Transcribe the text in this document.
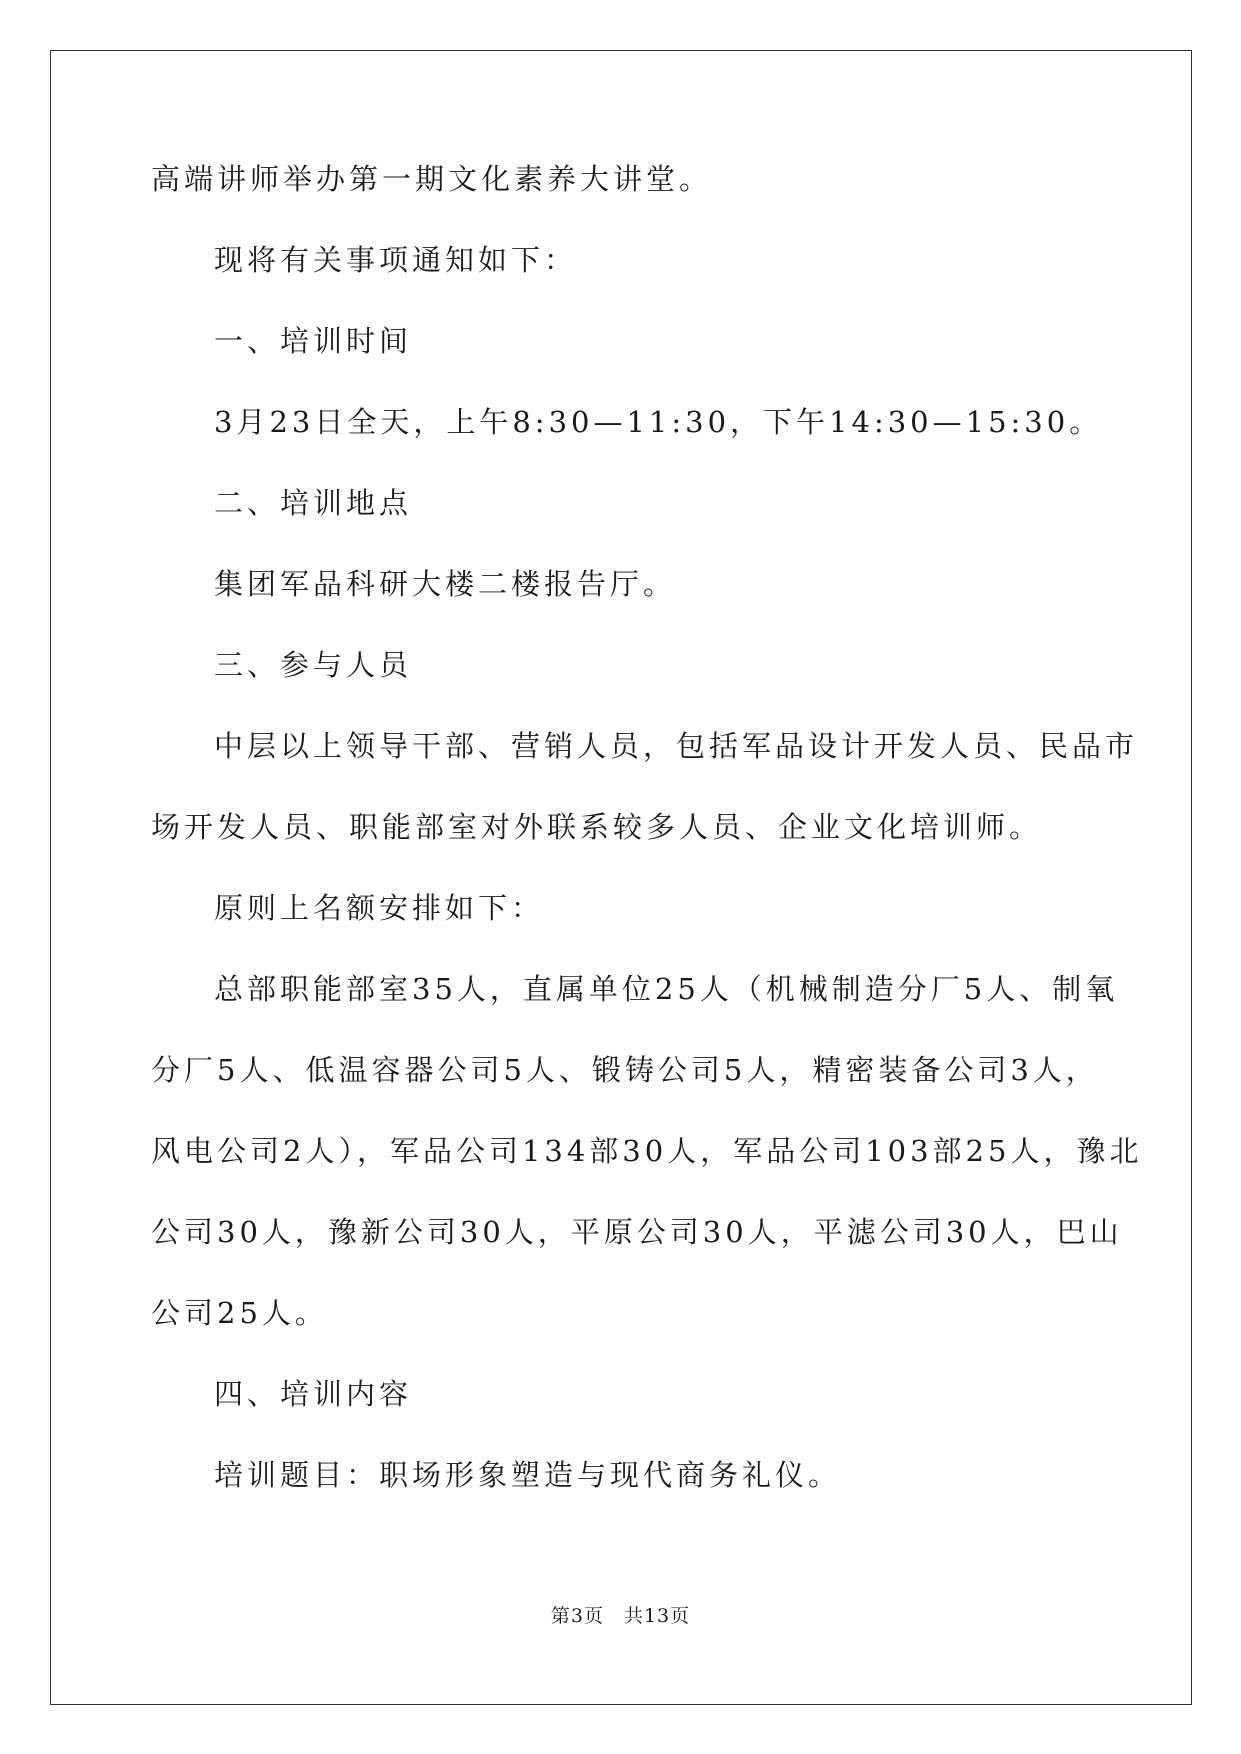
高端讲师举办第一期文化素养大讲堂。
现将有关事项通知如下：
一、培训时间
3月23日全天，上午8:30—11:30，下午14:30—15:30。
二、培训地点
集团军品科研大楼二楼报告厅。
三、参与人员
中层以上领导干部、营销人员，包括军品设计开发人员、民品市
场开发人员、职能部室对外联系较多人员、企业文化培训师。
原则上名额安排如下：
总部职能部室35人，直属单位25人（机械制造分厂5人、制氧
分厂5人、低温容器公司5人、锻铸公司5人，精密装备公司3人，
风电公司2人），军品公司134部30人，军品公司103部25人，豫北
公司30人，豫新公司30人，平原公司30人，平滤公司30人，巴山
公司25人。
四、培训内容
培训题目：职场形象塑造与现代商务礼仪。
第3页 共13页
